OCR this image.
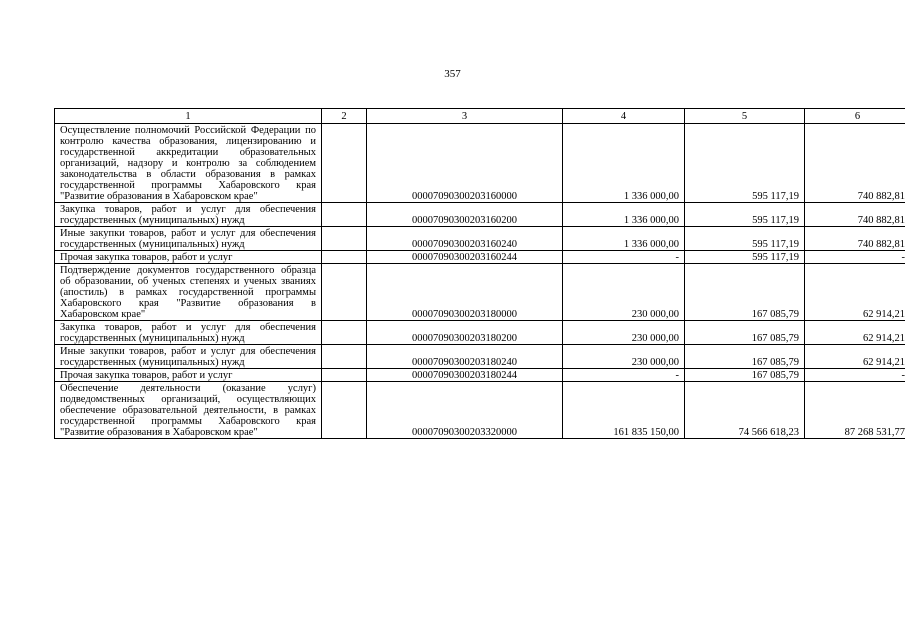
357
1	2	3	4	5	6
Осуществление полномочий Российской Федерации по контролю качества образования, лицензированию и государственной аккредитации образовательных организаций, надзору и контролю за соблюдением законодательства в области образования в рамках государственной программы Хабаровского края "Развитие образования в Хабаровском крае"		00007090300203160000	1 336 000,00	595 117,19	740 882,81
Закупка товаров, работ и услуг для обеспечения государственных (муниципальных) нужд		00007090300203160200	1 336 000,00	595 117,19	740 882,81
Иные закупки товаров, работ и услуг для обеспечения государственных (муниципальных) нужд		00007090300203160240	1 336 000,00	595 117,19	740 882,81
Прочая закупка товаров, работ и услуг		00007090300203160244	-	595 117,19	-
Подтверждение документов государственного образца об образовании, об ученых степенях и ученых званиях (апостиль) в рамках государственной программы Хабаровского края "Развитие образования в Хабаровском крае"		00007090300203180000	230 000,00	167 085,79	62 914,21
Закупка товаров, работ и услуг для обеспечения государственных (муниципальных) нужд		00007090300203180200	230 000,00	167 085,79	62 914,21
Иные закупки товаров, работ и услуг для обеспечения государственных (муниципальных) нужд		00007090300203180240	230 000,00	167 085,79	62 914,21
Прочая закупка товаров, работ и услуг		00007090300203180244	-	167 085,79	-
Обеспечение деятельности (оказание услуг) подведомственных организаций, осуществляющих обеспечение образовательной деятельности, в рамках государственной программы Хабаровского края "Развитие образования в Хабаровском крае"		00007090300203320000	161 835 150,00	74 566 618,23	87 268 531,77
